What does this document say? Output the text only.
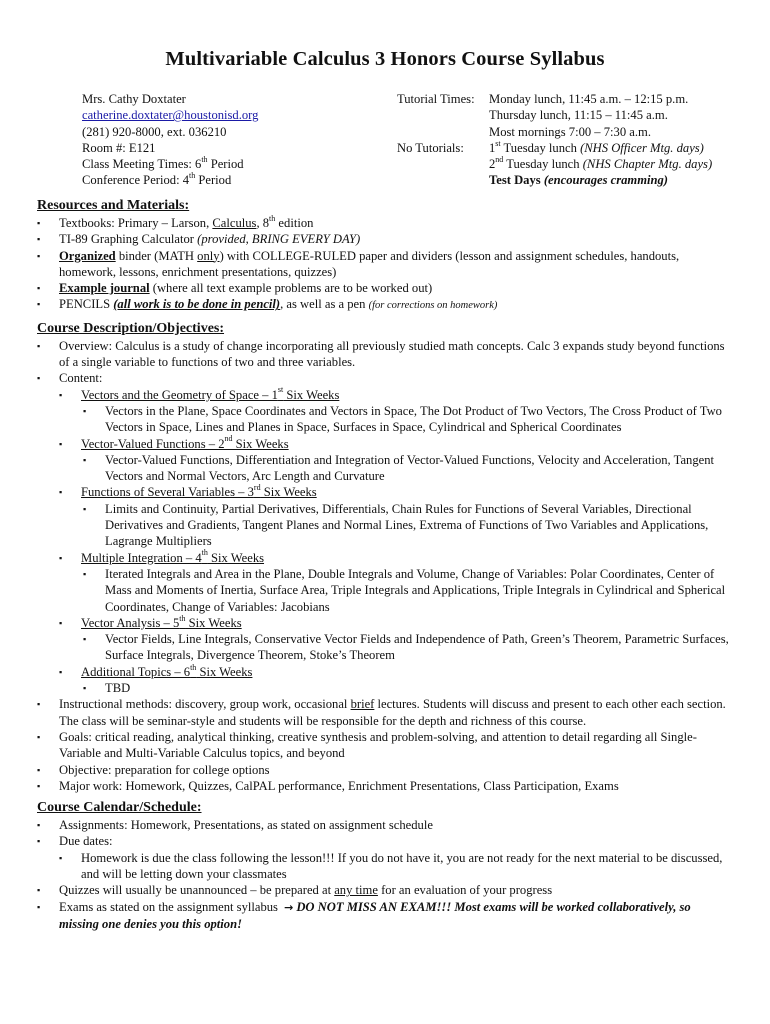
Multivariable Calculus 3 Honors Course Syllabus
Mrs. Cathy Doxtater
catherine.doxtater@houstonisd.org
(281) 920-8000, ext. 036210
Room #: E121
Class Meeting Times: 6th Period
Conference Period: 4th Period
Tutorial Times:	Monday lunch, 11:45 a.m. – 12:15 p.m.
Thursday lunch, 11:15 – 11:45 a.m.
Most mornings 7:00 – 7:30 a.m.
No Tutorials:	1st Tuesday lunch (NHS Officer Mtg. days)
2nd Tuesday lunch (NHS Chapter Mtg. days)
Test Days (encourages cramming)
Resources and Materials:
▪ Textbooks: Primary – Larson, Calculus, 8th edition
▪ TI-89 Graphing Calculator (provided, BRING EVERY DAY)
▪ Organized binder (MATH only) with COLLEGE-RULED paper and dividers (lesson and assignment schedules, handouts, homework, lessons, enrichment presentations, quizzes)
▪ Example journal (where all text example problems are to be worked out)
▪ PENCILS (all work is to be done in pencil), as well as a pen (for corrections on homework)
Course Description/Objectives:
▪ Overview: Calculus is a study of change incorporating all previously studied math concepts. Calc 3 expands study beyond functions of a single variable to functions of two and three variables.
▪ Content:
▪ Vectors and the Geometry of Space – 1st Six Weeks
▪ Vectors in the Plane, Space Coordinates and Vectors in Space, The Dot Product of Two Vectors, The Cross Product of Two Vectors in Space, Lines and Planes in Space, Surfaces in Space, Cylindrical and Spherical Coordinates
▪ Vector-Valued Functions – 2nd Six Weeks
▪ Vector-Valued Functions, Differentiation and Integration of Vector-Valued Functions, Velocity and Acceleration, Tangent Vectors and Normal Vectors, Arc Length and Curvature
▪ Functions of Several Variables – 3rd Six Weeks
▪ Limits and Continuity, Partial Derivatives, Differentials, Chain Rules for Functions of Several Variables, Directional Derivatives and Gradients, Tangent Planes and Normal Lines, Extrema of Functions of Two Variables and Applications, Lagrange Multipliers
▪ Multiple Integration – 4th Six Weeks
▪ Iterated Integrals and Area in the Plane, Double Integrals and Volume, Change of Variables: Polar Coordinates, Center of Mass and Moments of Inertia, Surface Area, Triple Integrals and Applications, Triple Integrals in Cylindrical and Spherical Coordinates, Change of Variables: Jacobians
▪ Vector Analysis – 5th Six Weeks
▪ Vector Fields, Line Integrals, Conservative Vector Fields and Independence of Path, Green’s Theorem, Parametric Surfaces, Surface Integrals, Divergence Theorem, Stoke’s Theorem
▪ Additional Topics – 6th Six Weeks
▪ TBD
▪ Instructional methods: discovery, group work, occasional brief lectures. Students will discuss and present to each other each section. The class will be seminar-style and students will be responsible for the depth and richness of this course.
▪ Goals: critical reading, analytical thinking, creative synthesis and problem-solving, and attention to detail regarding all Single-Variable and Multi-Variable Calculus topics, and beyond
▪ Objective: preparation for college options
▪ Major work: Homework, Quizzes, CalPAL performance, Enrichment Presentations, Class Participation, Exams
Course Calendar/Schedule:
▪ Assignments: Homework, Presentations, as stated on assignment schedule
▪ Due dates:
▪ Homework is due the class following the lesson!!! If you do not have it, you are not ready for the next material to be discussed, and will be letting down your classmates
▪ Quizzes will usually be unannounced – be prepared at any time for an evaluation of your progress
▪ Exams as stated on the assignment syllabus → DO NOT MISS AN EXAM!!! Most exams will be worked collaboratively, so missing one denies you this option!
